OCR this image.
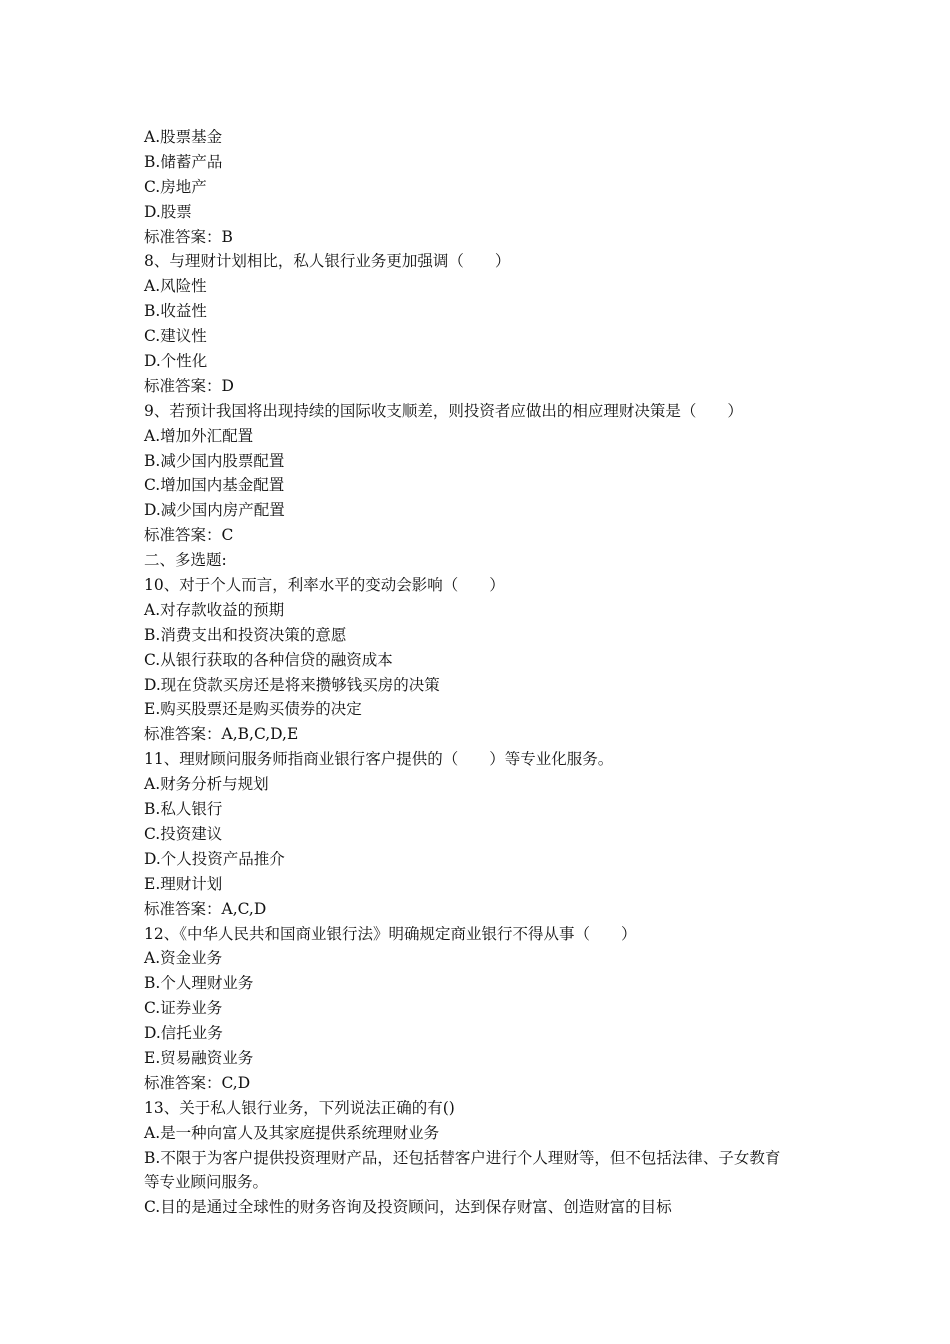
A.股票基金
B.储蓄产品
C.房地产
D.股票
标准答案：B
8、与理财计划相比，私人银行业务更加强调（　　）
A.风险性
B.收益性
C.建议性
D.个性化
标准答案：D
9、若预计我国将出现持续的国际收支顺差，则投资者应做出的相应理财决策是（　　）
A.增加外汇配置
B.减少国内股票配置
C.增加国内基金配置
D.减少国内房产配置
标准答案：C
二、多选题:
10、对于个人而言，利率水平的变动会影响（　　）
A.对存款收益的预期
B.消费支出和投资决策的意愿
C.从银行获取的各种信贷的融资成本
D.现在贷款买房还是将来攒够钱买房的决策
E.购买股票还是购买债券的决定
标准答案：A,B,C,D,E
11、理财顾问服务师指商业银行客户提供的（　　）等专业化服务。
A.财务分析与规划
B.私人银行
C.投资建议
D.个人投资产品推介
E.理财计划
标准答案：A,C,D
12、《中华人民共和国商业银行法》明确规定商业银行不得从事（　　）
A.资金业务
B.个人理财业务
C.证券业务
D.信托业务
E.贸易融资业务
标准答案：C,D
13、关于私人银行业务，下列说法正确的有()
A.是一种向富人及其家庭提供系统理财业务
B.不限于为客户提供投资理财产品，还包括替客户进行个人理财等，但不包括法律、子女教育
等专业顾问服务。
C.目的是通过全球性的财务咨询及投资顾问，达到保存财富、创造财富的目标
